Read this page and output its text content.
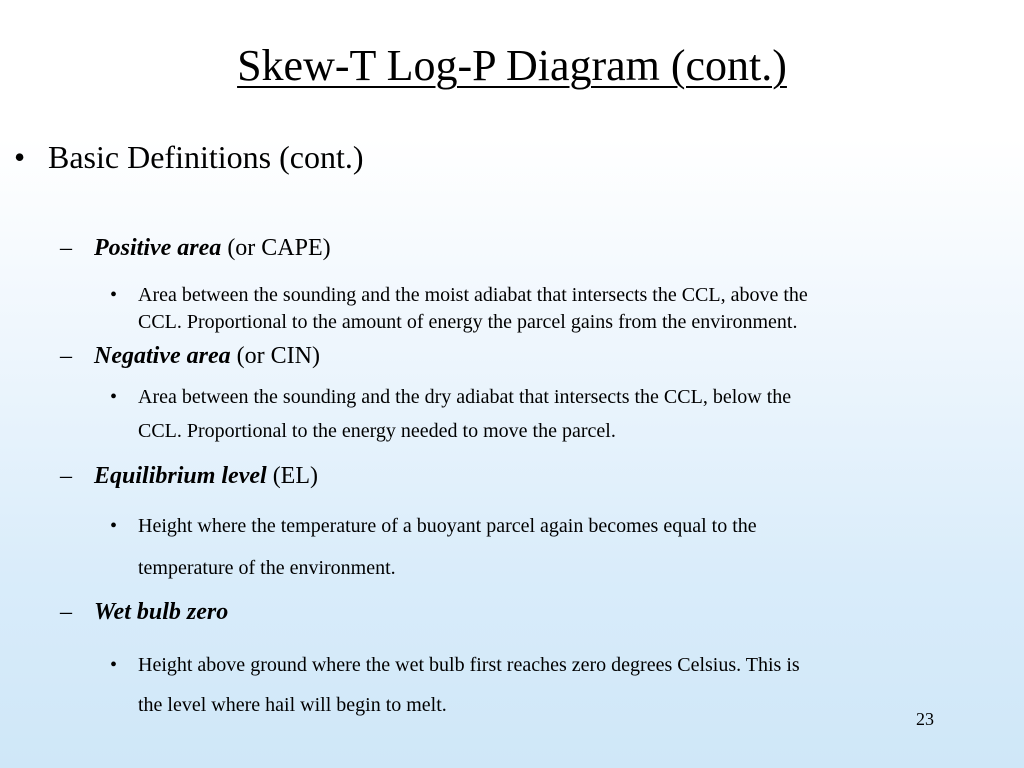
Skew-T Log-P Diagram (cont.)
• Basic Definitions (cont.)
– Positive area (or CAPE)
• Area between the sounding and the moist adiabat that intersects the CCL, above the
CCL. Proportional to the amount of energy the parcel gains from the environment.
– Negative area (or CIN)
• Area between the sounding and the dry adiabat that intersects the CCL, below the
CCL. Proportional to the energy needed to move the parcel.
– Equilibrium level (EL)
• Height where the temperature of a buoyant parcel again becomes equal to the
temperature of the environment.
– Wet bulb zero
• Height above ground where the wet bulb first reaches zero degrees Celsius. This is
the level where hail will begin to melt.
23
